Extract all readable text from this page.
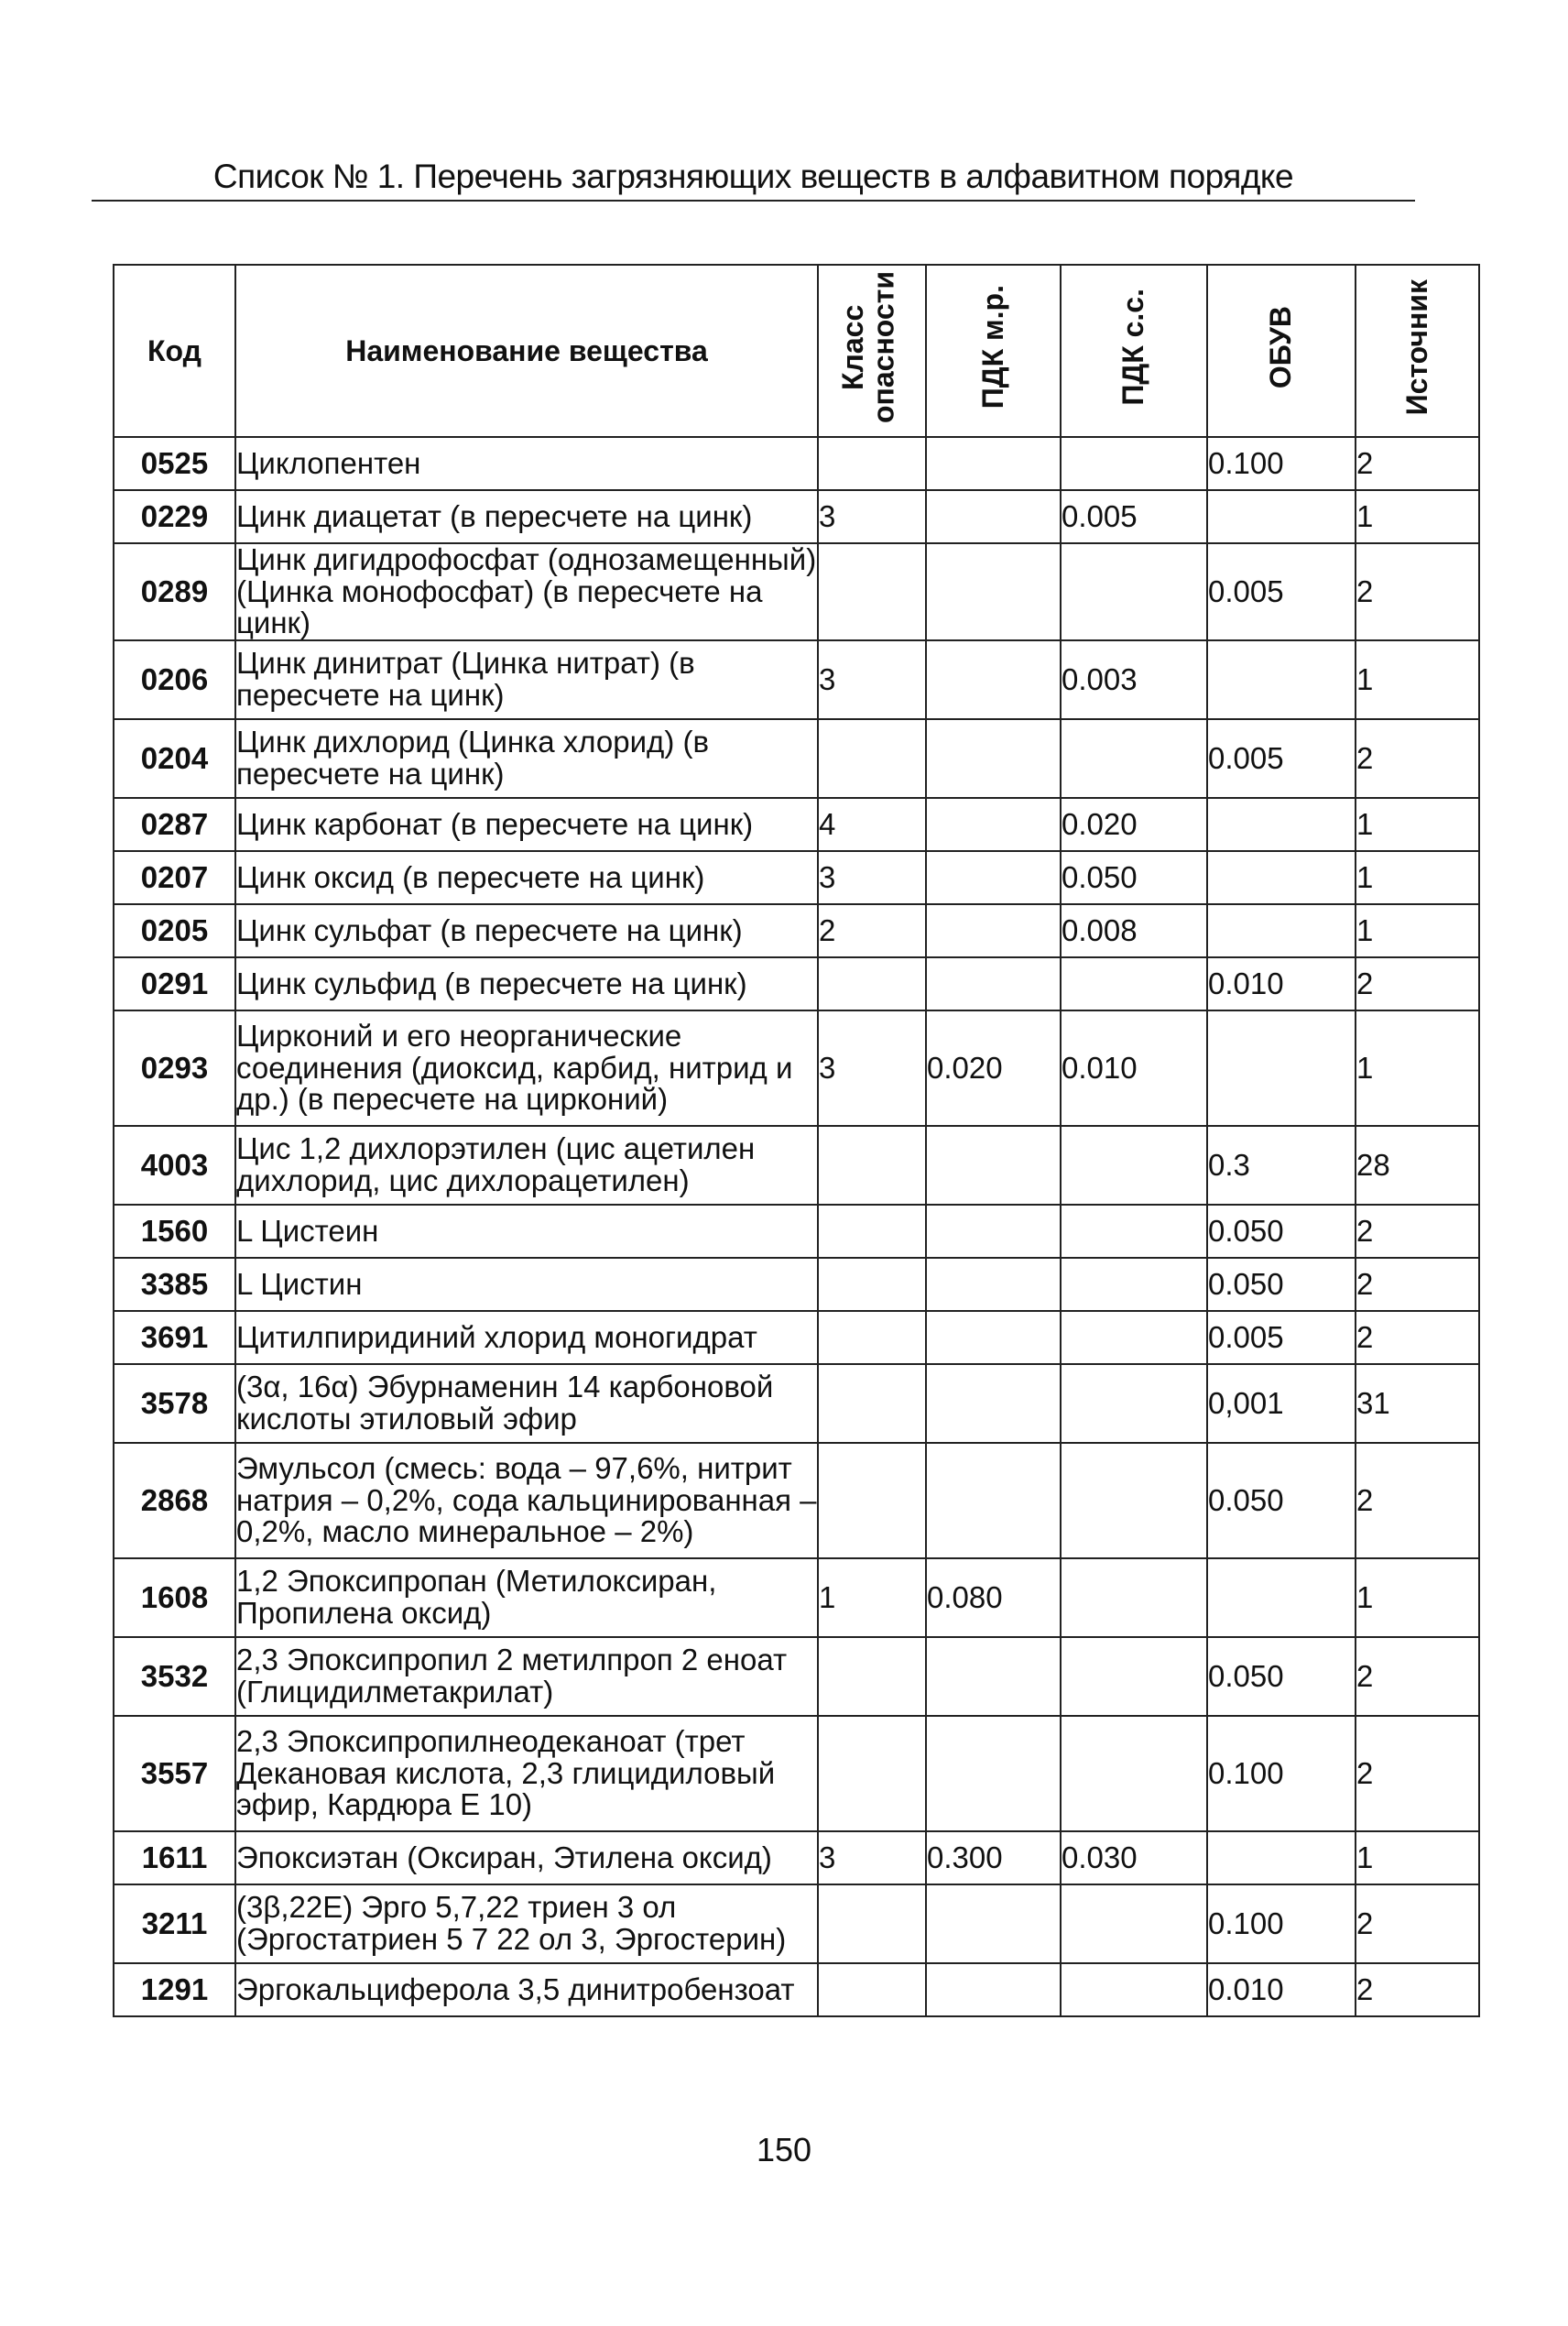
Список № 1. Перечень загрязняющих веществ в алфавитном порядке
Код	Наименование вещества	Класс опасности	ПДК м.р.	ПДК с.с.	ОБУВ	Источник
0525	Циклопентен				0.100	2
0229	Цинк диацетат (в пересчете на цинк)	3		0.005		1
0289	Цинк дигидрофосфат (однозамещенный) (Цинка монофосфат) (в пересчете на цинк)				0.005	2
0206	Цинк динитрат (Цинка нитрат) (в пересчете на цинк)	3		0.003		1
0204	Цинк дихлорид (Цинка хлорид) (в пересчете на цинк)				0.005	2
0287	Цинк карбонат (в пересчете на цинк)	4		0.020		1
0207	Цинк оксид (в пересчете на цинк)	3		0.050		1
0205	Цинк сульфат (в пересчете на цинк)	2		0.008		1
0291	Цинк сульфид (в пересчете на цинк)				0.010	2
0293	Цирконий и его неорганические соединения (диоксид, карбид, нитрид и др.) (в пересчете на цирконий)	3	0.020	0.010		1
4003	Цис 1,2 дихлорэтилен (цис ацетилен дихлорид, цис дихлорацетилен)				0.3	28
1560	L Цистеин				0.050	2
3385	L Цистин				0.050	2
3691	Цитилпиридиний хлорид моногидрат				0.005	2
3578	(3α, 16α) Эбурнаменин 14 карбоновой кислоты этиловый эфир				0,001	31
2868	Эмульсол (смесь: вода – 97,6%, нитрит натрия – 0,2%, сода кальцинированная – 0,2%, масло минеральное – 2%)				0.050	2
1608	1,2 Эпоксипропан (Метилоксиран, Пропилена оксид)	1	0.080			1
3532	2,3 Эпоксипропил 2 метилпроп 2 еноат (Глицидилметакрилат)				0.050	2
3557	2,3 Эпоксипропилнеодеканоат (трет Декановая кислота, 2,3 глицидиловый эфир, Кардюра Е 10)				0.100	2
1611	Эпоксиэтан (Оксиран, Этилена оксид)	3	0.300	0.030		1
3211	(3β,22E) Эрго 5,7,22 триен 3 ол (Эргостатриен 5 7 22 ол 3, Эргостерин)				0.100	2
1291	Эргокальциферола 3,5 динитробензоат				0.010	2
150
